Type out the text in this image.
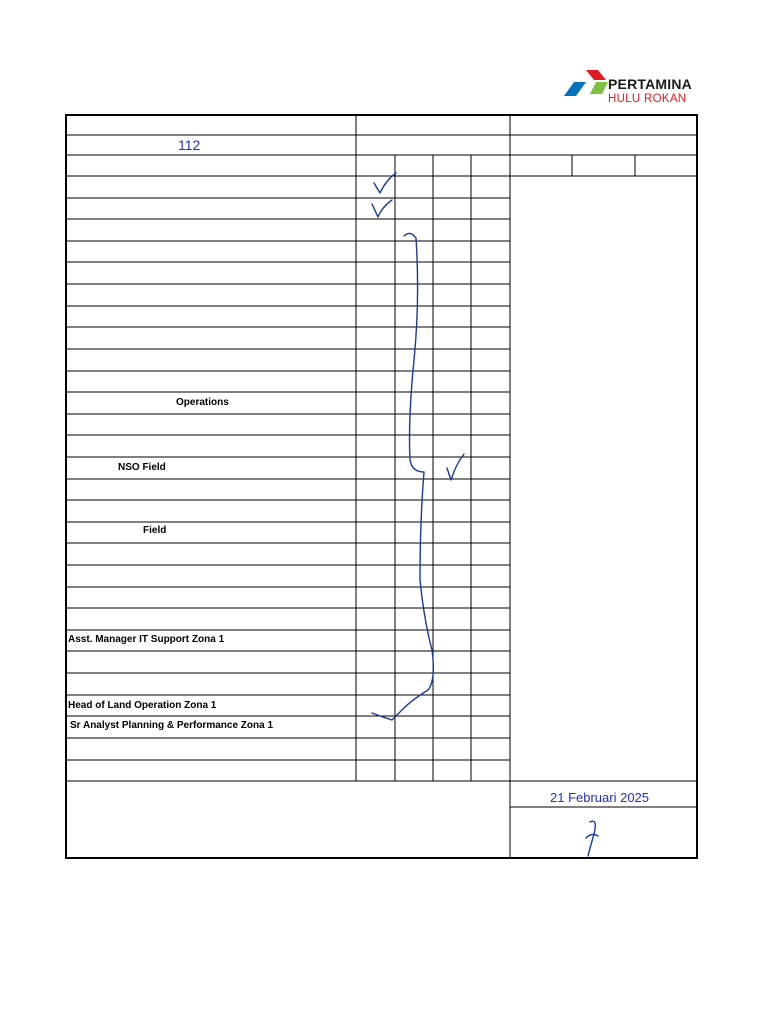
PERTAMINA
HULU ROKAN
112
Operations
NSO Field
Field
Asst. Manager IT Support Zona 1
Head of Land Operation Zona 1
Sr Analyst Planning & Performance Zona 1
21 Februari 2025
